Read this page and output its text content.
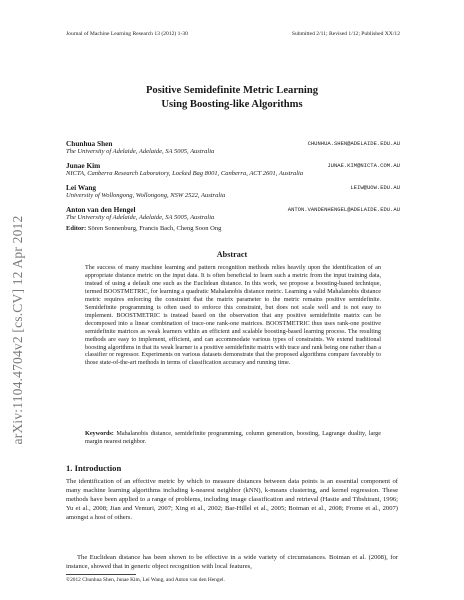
arXiv:1104.4704v2 [cs.CV] 12 Apr 2012
Journal of Machine Learning Research 13 (2012) 1-30	Submitted 2/11; Revised 1/12; Published XX/12
Positive Semidefinite Metric Learning
Using Boosting-like Algorithms
Chunhua Shen	CHUNHUA.SHEN@ADELAIDE.EDU.AU
The University of Adelaide, Adelaide, SA 5005, Australia
Junae Kim	JUNAE.KIM@NICTA.COM.AU
NICTA, Canberra Research Laboratory, Locked Bag 8001, Canberra, ACT 2601, Australia
Lei Wang	LEIW@UOW.EDU.AU
University of Wollongong, Wollongong, NSW 2522, Australia
Anton van den Hengel	ANTON.VANDENHENGEL@ADELAIDE.EDU.AU
The University of Adelaide, Adelaide, SA 5005, Australia
Editor: Sören Sonnenburg, Francis Bach, Cheng Soon Ong
Abstract
The success of many machine learning and pattern recognition methods relies heavily upon the identification of an appropriate distance metric on the input data. It is often beneficial to learn such a metric from the input training data, instead of using a default one such as the Euclidean distance. In this work, we propose a boosting-based technique, termed BOOSTMETRIC, for learning a quadratic Mahalanobis distance metric. Learning a valid Mahalanobis distance metric requires enforcing the constraint that the matrix parameter to the metric remains positive semidefinite. Semidefinite programming is often used to enforce this constraint, but does not scale well and is not easy to implement. BOOSTMETRIC is instead based on the observation that any positive semidefinite matrix can be decomposed into a linear combination of trace-one rank-one matrices. BOOSTMETRIC thus uses rank-one positive semidefinite matrices as weak learners within an efficient and scalable boosting-based learning process. The resulting methods are easy to implement, efficient, and can accommodate various types of constraints. We extend traditional boosting algorithms in that its weak learner is a positive semidefinite matrix with trace and rank being one rather than a classifier or regressor. Experiments on various datasets demonstrate that the proposed algorithms compare favorably to those state-of-the-art methods in terms of classification accuracy and running time.
Keywords: Mahalanobis distance, semidefinite programming, column generation, boosting, Lagrange duality, large margin nearest neighbor.
1. Introduction
The identification of an effective metric by which to measure distances between data points is an essential component of many machine learning algorithms including k-nearest neighbor (kNN), k-means clustering, and kernel regression. These methods have been applied to a range of problems, including image classification and retrieval (Hastie and Tibshirani, 1996; Yu et al., 2008; Jian and Vemuri, 2007; Xing et al., 2002; Bar-Hillel et al., 2005; Boiman et al., 2008; Frome et al., 2007) amongst a host of others.
The Euclidean distance has been shown to be effective in a wide variety of circumstances. Boiman et al. (2008), for instance, showed that in generic object recognition with local features,
©2012 Chunhua Shen, Junae Kim, Lei Wang, and Anton van den Hengel.
